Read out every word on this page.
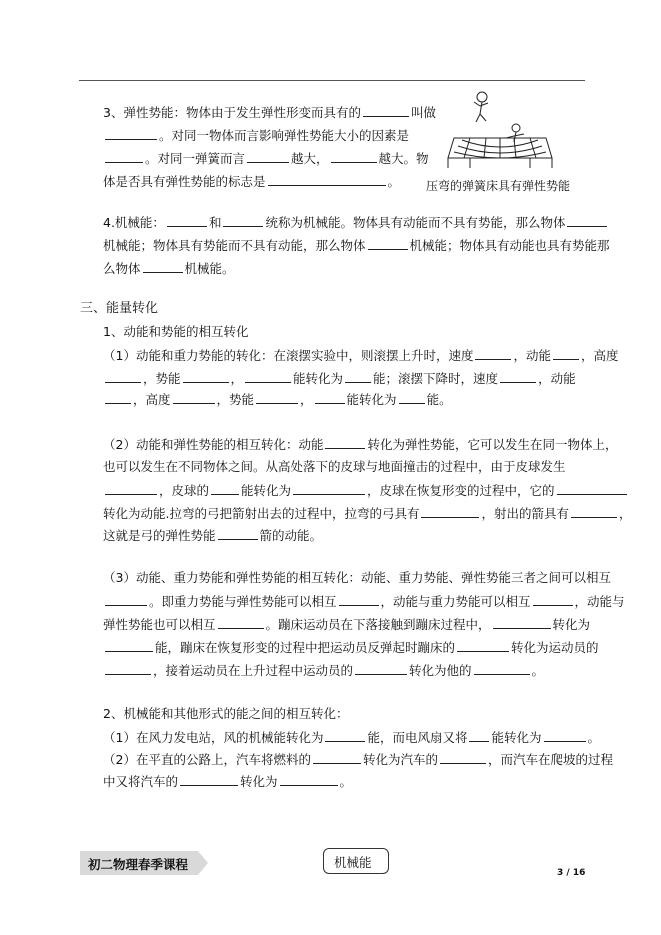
3、弹性势能：物体由于发生弹性形变而具有的	叫做
。对同一物体而言影响弹性势能大小的因素是
。对同一弹簧而言	越大，	越大。物
体是否具有弹性势能的标志是	。 压弯的弹簧床具有弹性势能
4.机械能：	和	统称为机械能。物体具有动能而不具有势能，那么物体
机械能；物体具有势能而不具有动能，那么物体	机械能；物体具有动能也具有势能那
么物体	机械能。
三、能量转化
1、动能和势能的相互转化
（1）动能和重力势能的转化：在滚摆实验中，则滚摆上升时，速度	，动能 ，高度
，势能	，	能转化为 能；滚摆下降时，速度	，动能
，高度	，势能	，	能转化为 能。
（2）动能和弹性势能的相互转化：动能	转化为弹性势能，它可以发生在同一物体上，
也可以发生在不同物体之间。从高处落下的皮球与地面撞击的过程中，由于皮球发生
，皮球的	能转化为	，皮球在恢复形变的过程中，它的
转化为动能.拉弯的弓把箭射出去的过程中，拉弯的弓具有	，射出的箭具有	，
这就是弓的弹性势能	箭的动能。
（3）动能、重力势能和弹性势能的相互转化：动能、重力势能、弹性势能三者之间可以相互
。即重力势能与弹性势能可以相互	，动能与重力势能可以相互	，动能与
弹性势能也可以相互	。蹦床运动员在下落接触到蹦床过程中，	转化为
能，蹦床在恢复形变的过程中把运动员反弹起时蹦床的	转化为运动员的
，接着运动员在上升过程中运动员的	转化为他的	。
2、机械能和其他形式的能之间的相互转化：
（1）在风力发电站，风的机械能转化为	能，而电风扇又将 能转化为	。
（2）在平直的公路上，汽车将燃料的	转化为汽车的	，而汽车在爬坡的过程
中又将汽车的	转化为	。
初二物理春季课程	机械能
3 / 16
